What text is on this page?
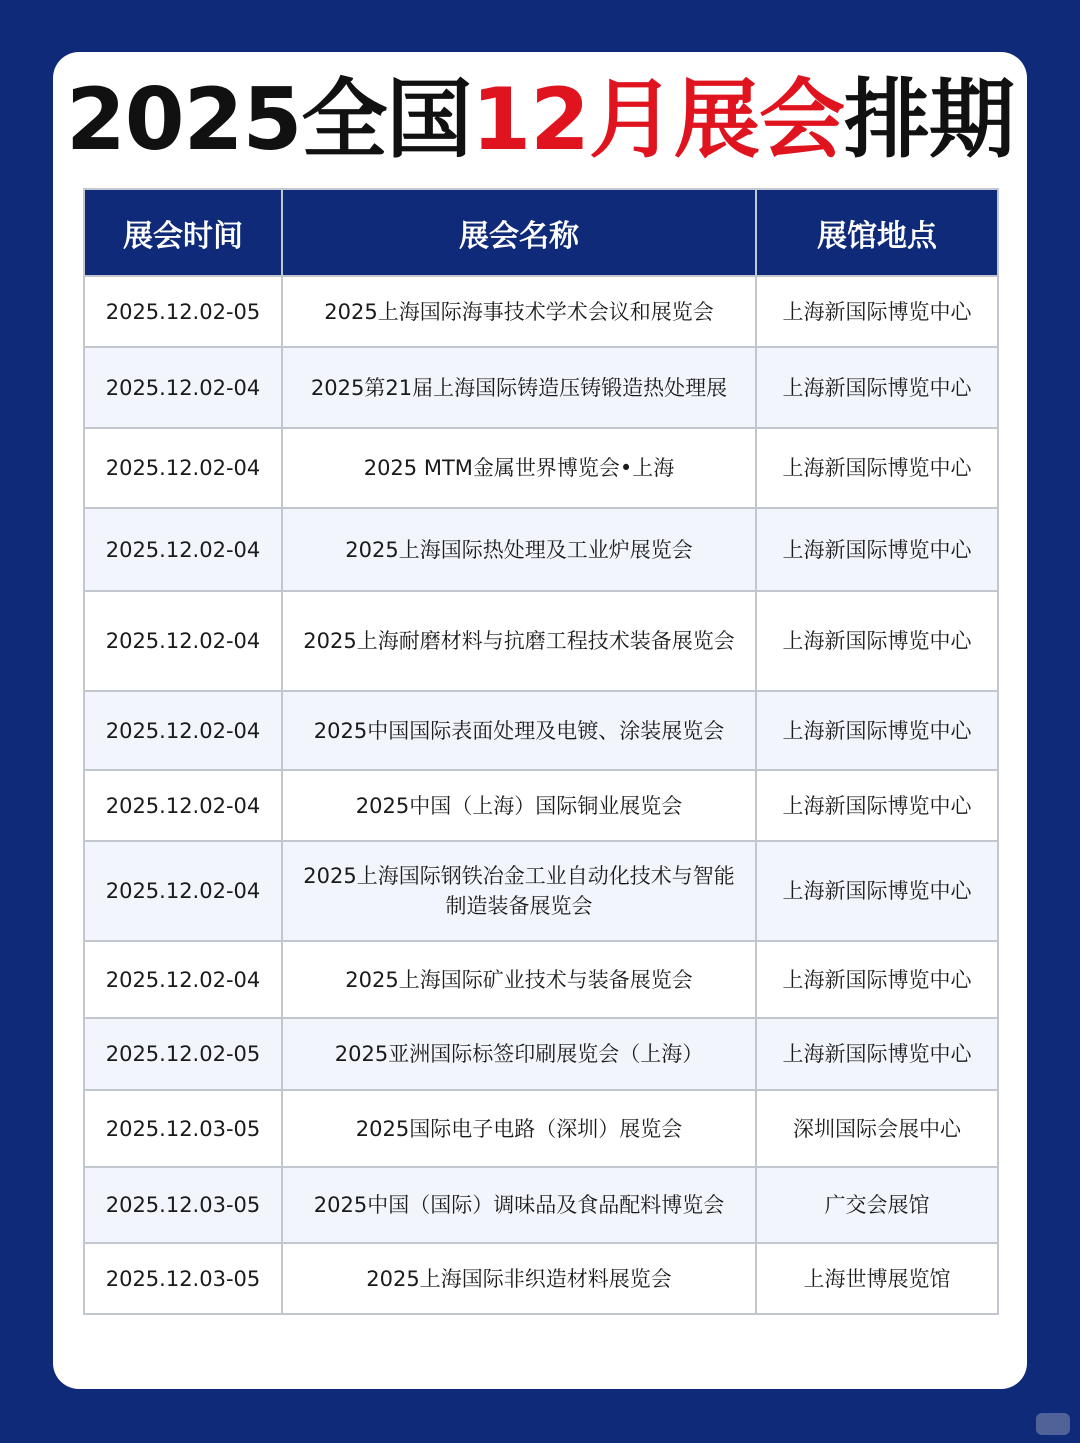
2025全国12月展会排期
展会时间	展会名称	展馆地点
2025.12.02-05	2025上海国际海事技术学术会议和展览会	上海新国际博览中心
2025.12.02-04	2025第21届上海国际铸造压铸锻造热处理展	上海新国际博览中心
2025.12.02-04	2025 MTM金属世界博览会•上海	上海新国际博览中心
2025.12.02-04	2025上海国际热处理及工业炉展览会	上海新国际博览中心
2025.12.02-04	2025上海耐磨材料与抗磨工程技术装备展览会	上海新国际博览中心
2025.12.02-04	2025中国国际表面处理及电镀、涂装展览会	上海新国际博览中心
2025.12.02-04	2025中国（上海）国际铜业展览会	上海新国际博览中心
2025.12.02-04	2025上海国际钢铁冶金工业自动化技术与智能制造装备展览会	上海新国际博览中心
2025.12.02-04	2025上海国际矿业技术与装备展览会	上海新国际博览中心
2025.12.02-05	2025亚洲国际标签印刷展览会（上海）	上海新国际博览中心
2025.12.03-05	2025国际电子电路（深圳）展览会	深圳国际会展中心
2025.12.03-05	2025中国（国际）调味品及食品配料博览会	广交会展馆
2025.12.03-05	2025上海国际非织造材料展览会	上海世博展览馆
